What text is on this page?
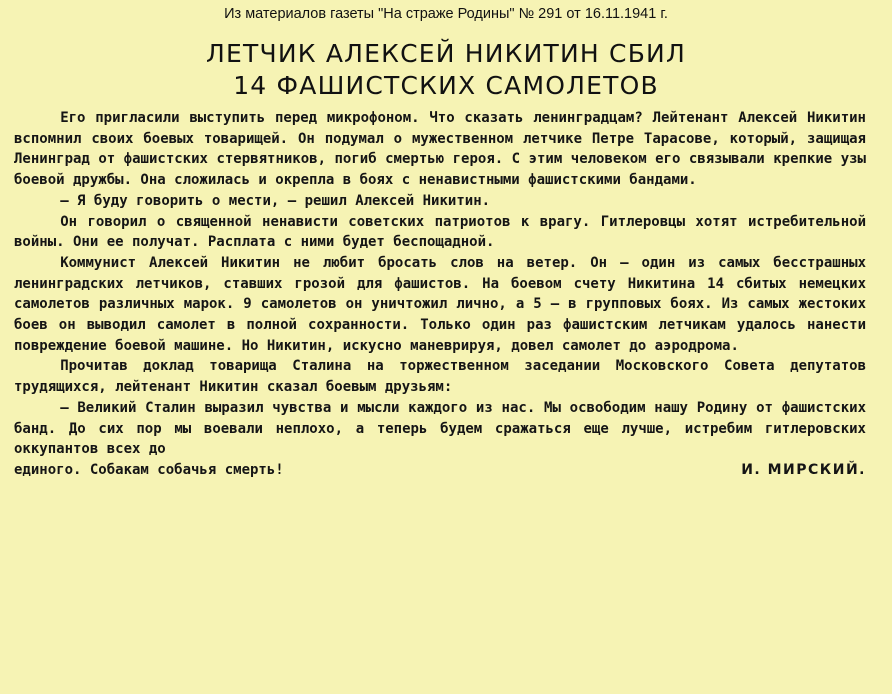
Из материалов газеты "На страже Родины" № 291 от 16.11.1941 г.
ЛЕТЧИК АЛЕКСЕЙ НИКИТИН СБИЛ
14 ФАШИСТСКИХ САМОЛЕТОВ

Его пригласили выступить перед микрофоном. Что сказать ленинградцам? Лейтенант Алексей Никитин вспомнил своих боевых товарищей. Он подумал о мужественном летчике Петре Тарасове, который, защищая Ленинград от фашистских стервятников, погиб смертью героя. С этим человеком его связывали крепкие узы боевой дружбы. Она сложилась и окрепла в боях с ненавистными фашистскими бандами.

— Я буду говорить о мести, — решил Алексей Никитин.

Он говорил о священной ненависти советских патриотов к врагу. Гитлеровцы хотят истребительной войны. Они ее получат. Расплата с ними будет беспощадной.

Коммунист Алексей Никитин не любит бросать слов на ветер. Он — один из самых бесстрашных ленинградских летчиков, ставших грозой для фашистов. На боевом счету Никитина 14 сбитых немецких самолетов различных марок. 9 самолетов он уничтожил лично, а 5 — в групповых боях. Из самых жестоких боев он выводил самолет в полной сохранности. Только один раз фашистским летчикам удалось нанести повреждение боевой машине. Но Никитин, искусно маневрируя, довел самолет до аэродрома.

Прочитав доклад товарища Сталина на торжественном заседании Московского Совета депутатов трудящихся, лейтенант Никитин сказал боевым друзьям:

— Великий Сталин выразил чувства и мысли каждого из нас. Мы освободим нашу Родину от фашистских банд. До сих пор мы воевали неплохо, а теперь будем сражаться еще лучше, истребим гитлеровских оккупантов всех до

единого. Собакам собачья смерть!	И. МИРСКИЙ.
